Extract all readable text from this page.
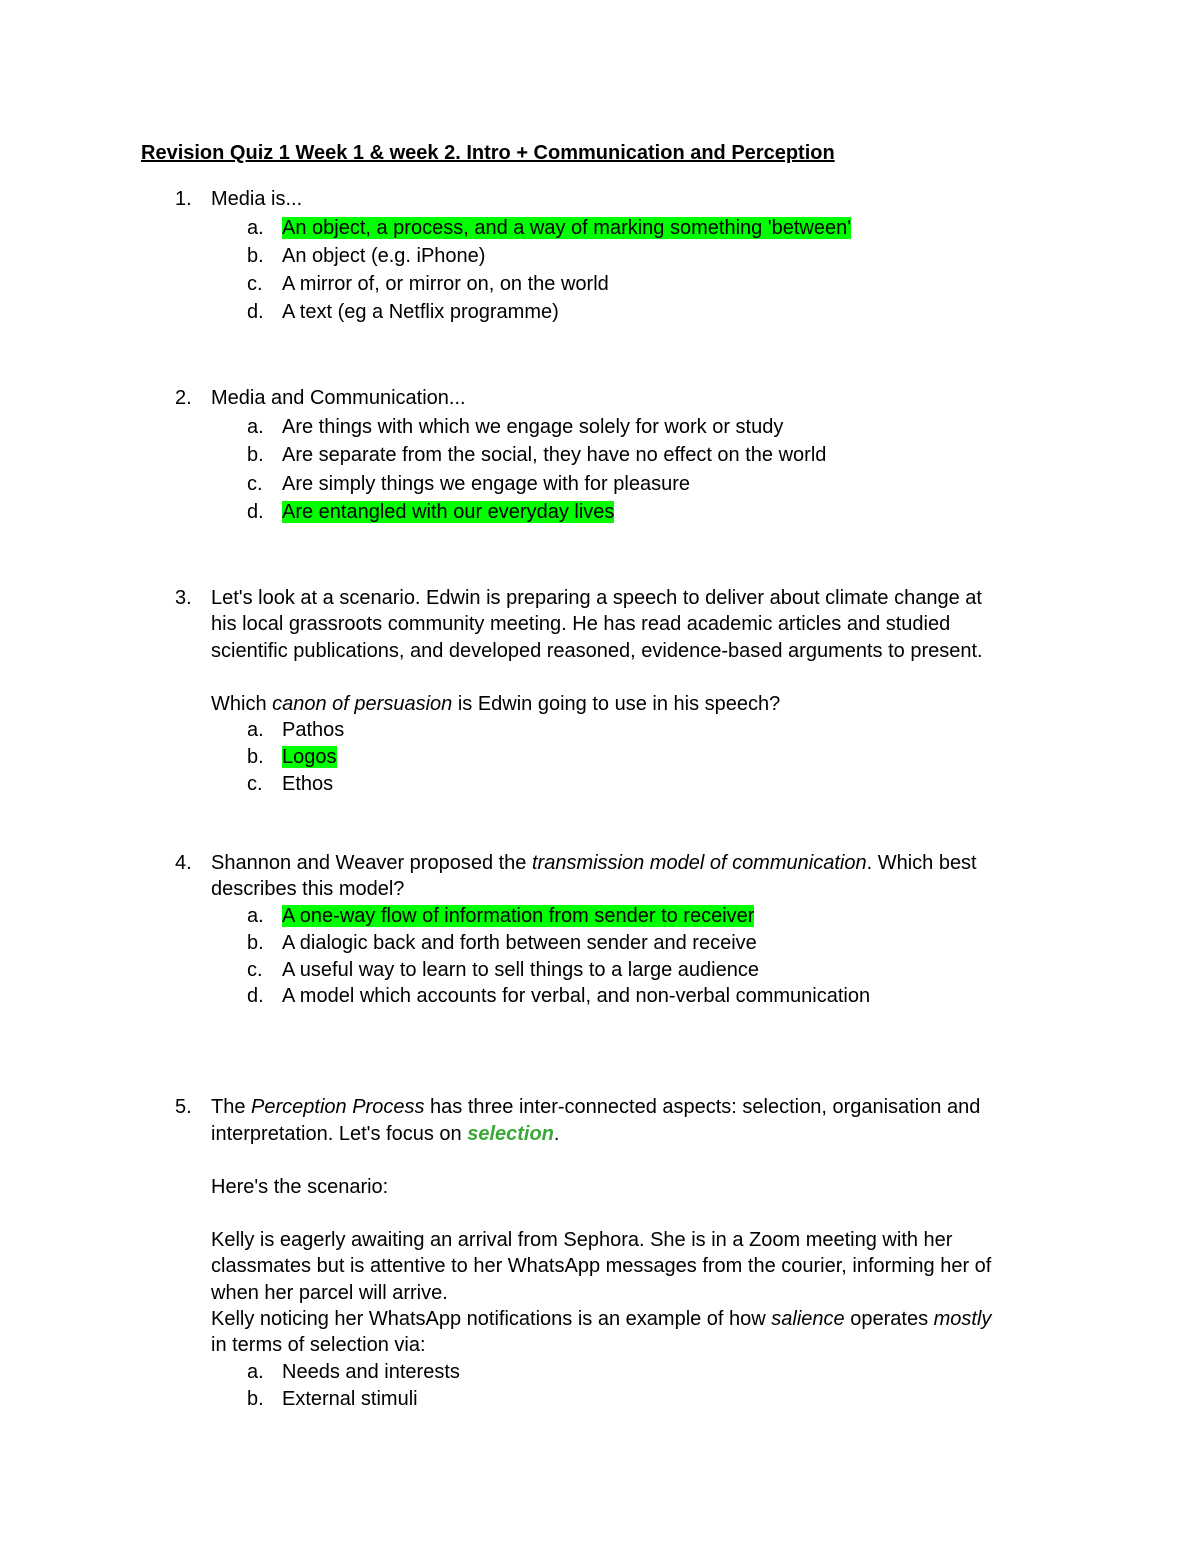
Revision Quiz 1 Week 1 & week 2. Intro + Communication and Perception
1. Media is...
a. An object, a process, and a way of marking something 'between'
b. An object (e.g. iPhone)
c. A mirror of, or mirror on, on the world
d. A text (eg a Netflix programme)
2. Media and Communication...
a. Are things with which we engage solely for work or study
b. Are separate from the social, they have no effect on the world
c. Are simply things we engage with for pleasure
d. Are entangled with our everyday lives
3. Let's look at a scenario. Edwin is preparing a speech to deliver about climate change at
his local grassroots community meeting. He has read academic articles and studied
scientific publications, and developed reasoned, evidence-based arguments to present.
Which canon of persuasion is Edwin going to use in his speech?
a. Pathos
b. Logos
c. Ethos
4. Shannon and Weaver proposed the transmission model of communication. Which best
describes this model?
a. A one-way flow of information from sender to receiver
b. A dialogic back and forth between sender and receive
c. A useful way to learn to sell things to a large audience
d. A model which accounts for verbal, and non-verbal communication
5. The Perception Process has three inter-connected aspects: selection, organisation and
interpretation. Let's focus on selection.
Here's the scenario:
Kelly is eagerly awaiting an arrival from Sephora. She is in a Zoom meeting with her
classmates but is attentive to her WhatsApp messages from the courier, informing her of
when her parcel will arrive.
Kelly noticing her WhatsApp notifications is an example of how salience operates mostly
in terms of selection via:
a. Needs and interests
b. External stimuli
